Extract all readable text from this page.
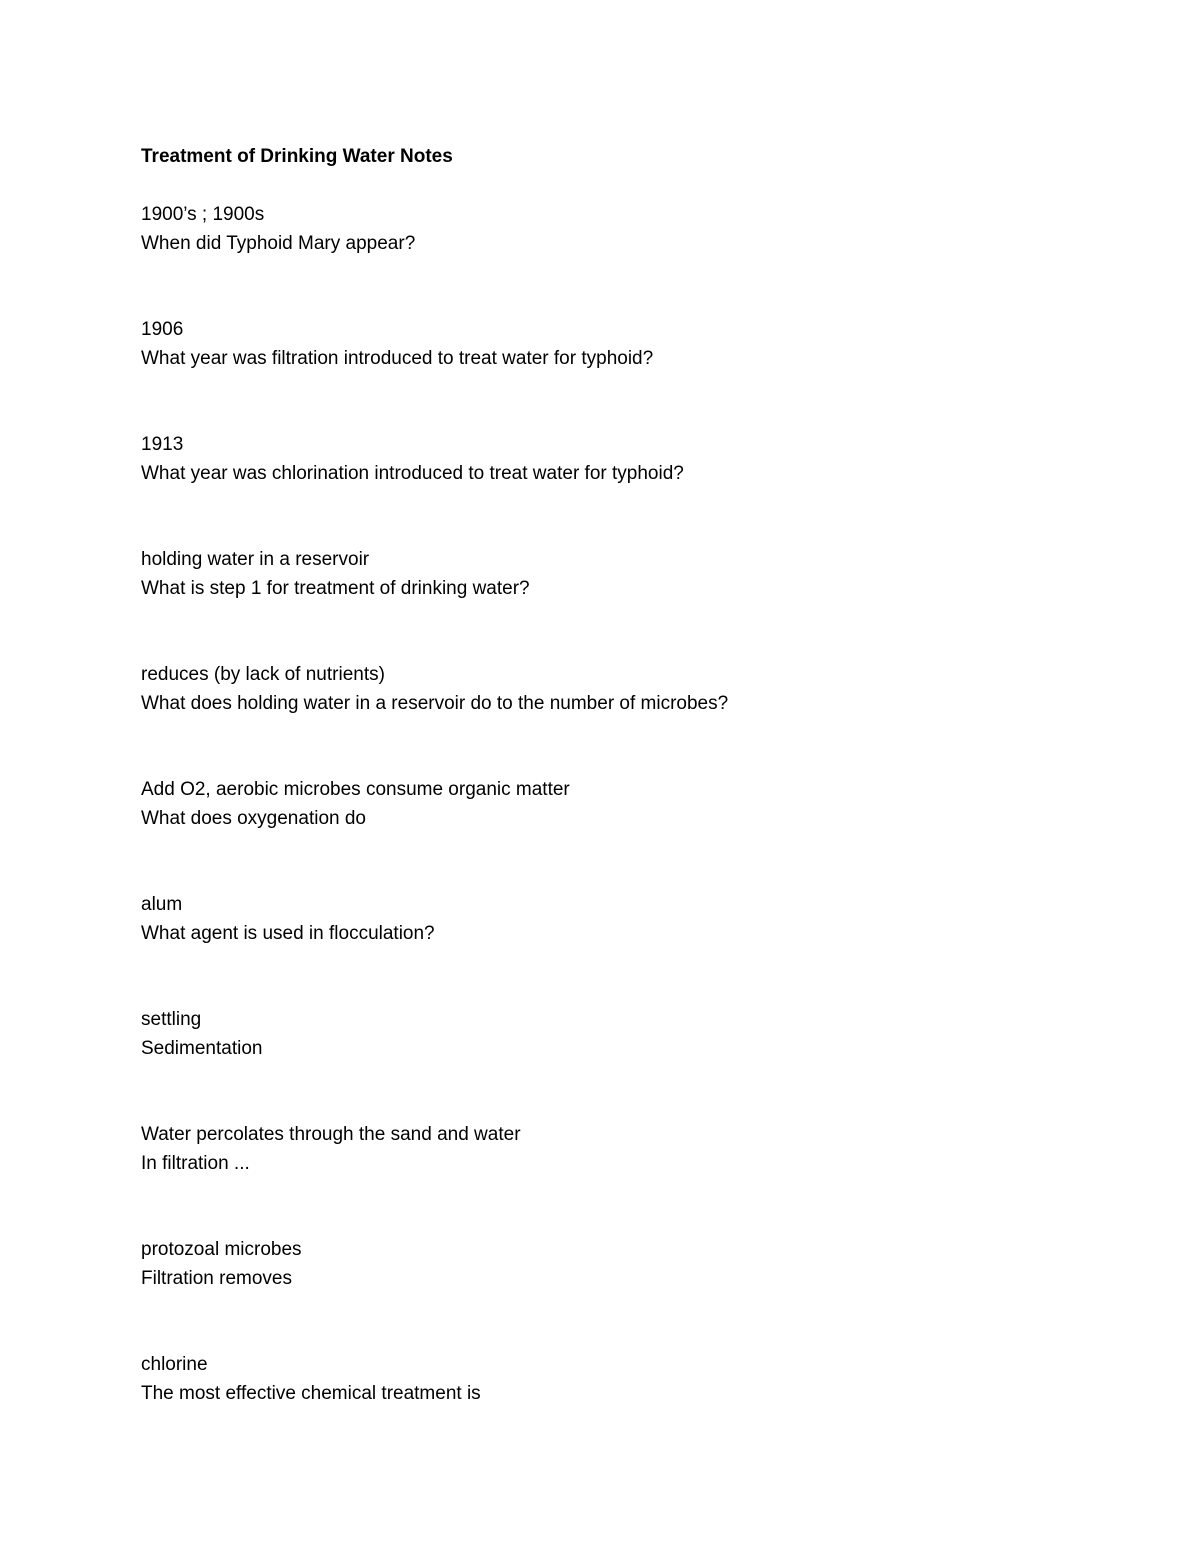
Treatment of Drinking Water Notes
1900’s ; 1900s
When did Typhoid Mary appear?
1906
What year was filtration introduced to treat water for typhoid?
1913
What year was chlorination introduced to treat water for typhoid?
holding water in a reservoir
What is step 1 for treatment of drinking water?
reduces (by lack of nutrients)
What does holding water in a reservoir do to the number of microbes?
Add O2, aerobic microbes consume organic matter
What does oxygenation do
alum
What agent is used in flocculation?
settling
Sedimentation
Water percolates through the sand and water
In filtration ...
protozoal microbes
Filtration removes
chlorine
The most effective chemical treatment is
